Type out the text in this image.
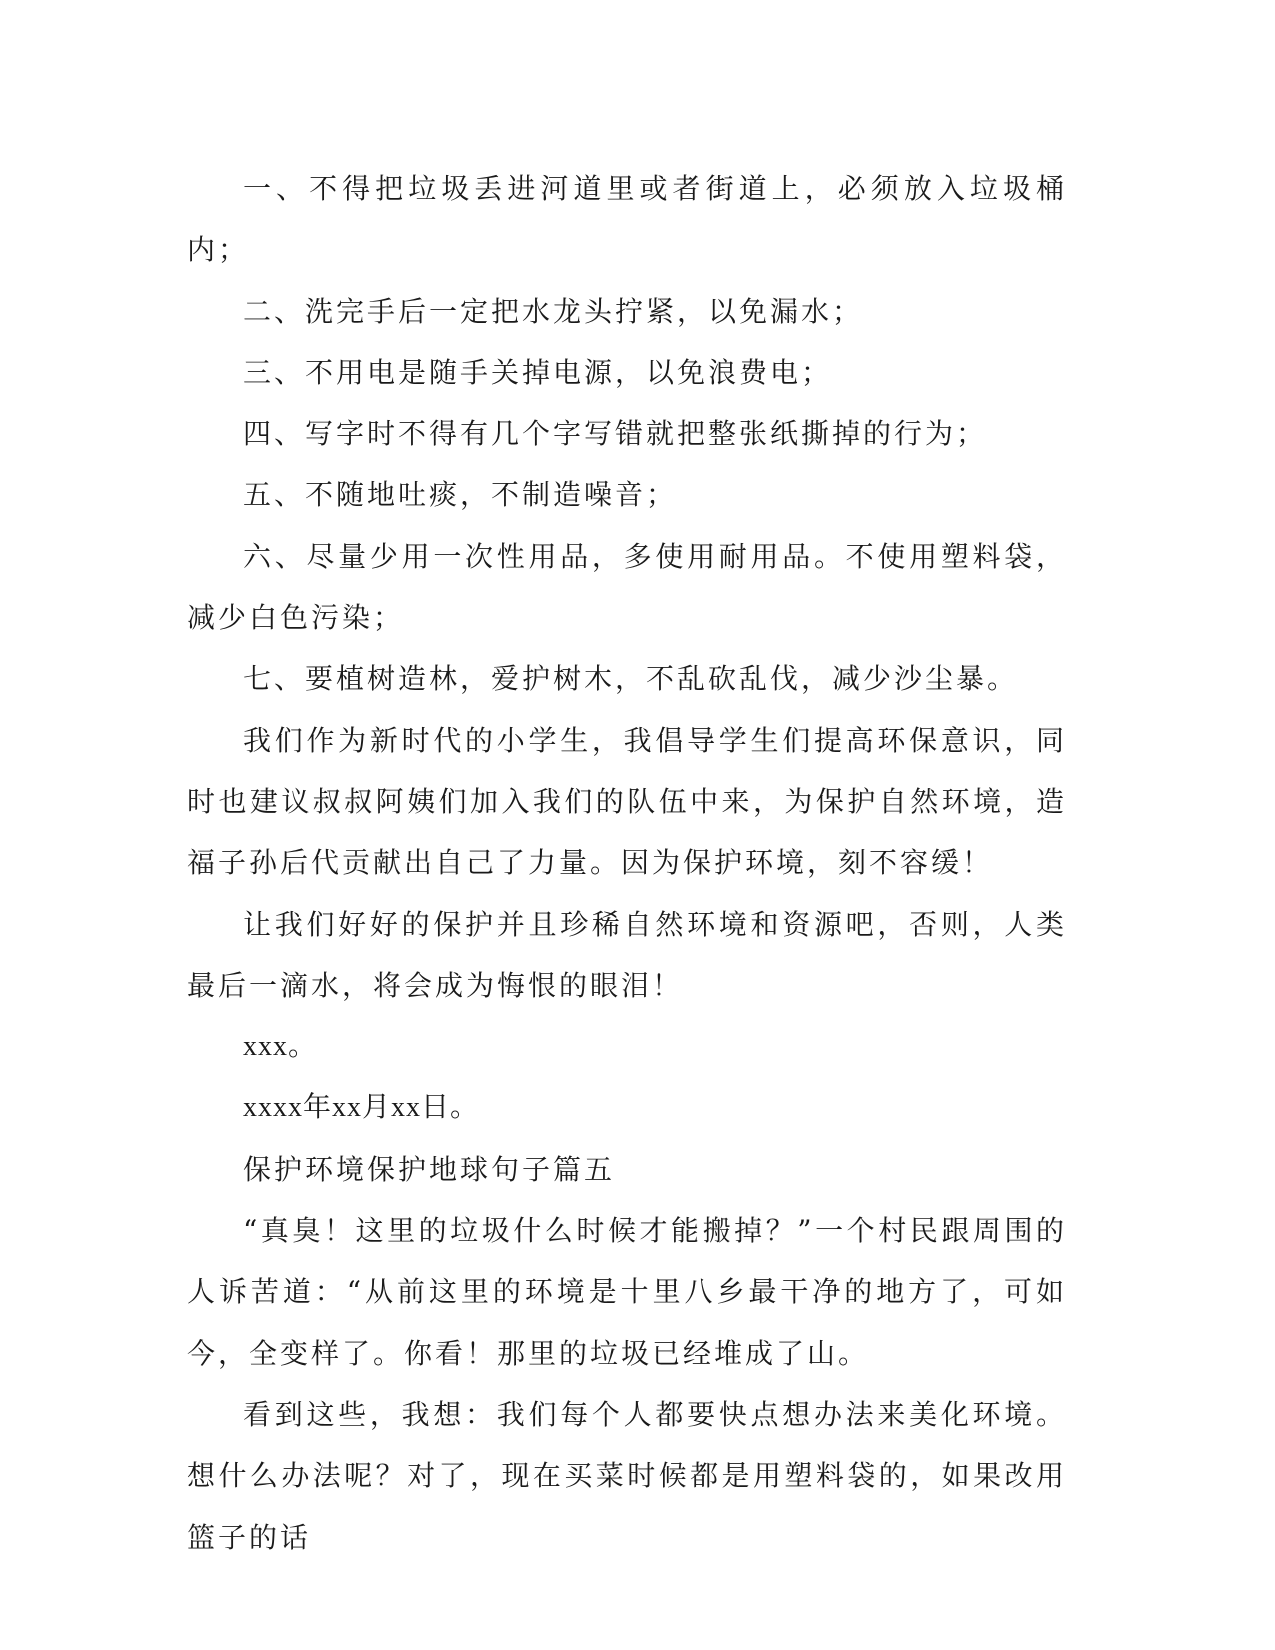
一、不得把垃圾丢进河道里或者街道上，必须放入垃圾桶内；

二、洗完手后一定把水龙头拧紧，以免漏水；

三、不用电是随手关掉电源，以免浪费电；

四、写字时不得有几个字写错就把整张纸撕掉的行为；

五、不随地吐痰，不制造噪音；

六、尽量少用一次性用品，多使用耐用品。不使用塑料袋，减少白色污染；

七、要植树造林，爱护树木，不乱砍乱伐，减少沙尘暴。

我们作为新时代的小学生，我倡导学生们提高环保意识，同时也建议叔叔阿姨们加入我们的队伍中来，为保护自然环境，造福子孙后代贡献出自己了力量。因为保护环境，刻不容缓！

让我们好好的保护并且珍稀自然环境和资源吧，否则，人类最后一滴水，将会成为悔恨的眼泪！

xxx。

xxxx年xx月xx日。

保护环境保护地球句子篇五

“真臭！这里的垃圾什么时候才能搬掉？”一个村民跟周围的人诉苦道：“从前这里的环境是十里八乡最干净的地方了，可如今，全变样了。你看！那里的垃圾已经堆成了山。

看到这些，我想：我们每个人都要快点想办法来美化环境。想什么办法呢？对了，现在买菜时候都是用塑料袋的，如果改用篮子的话
